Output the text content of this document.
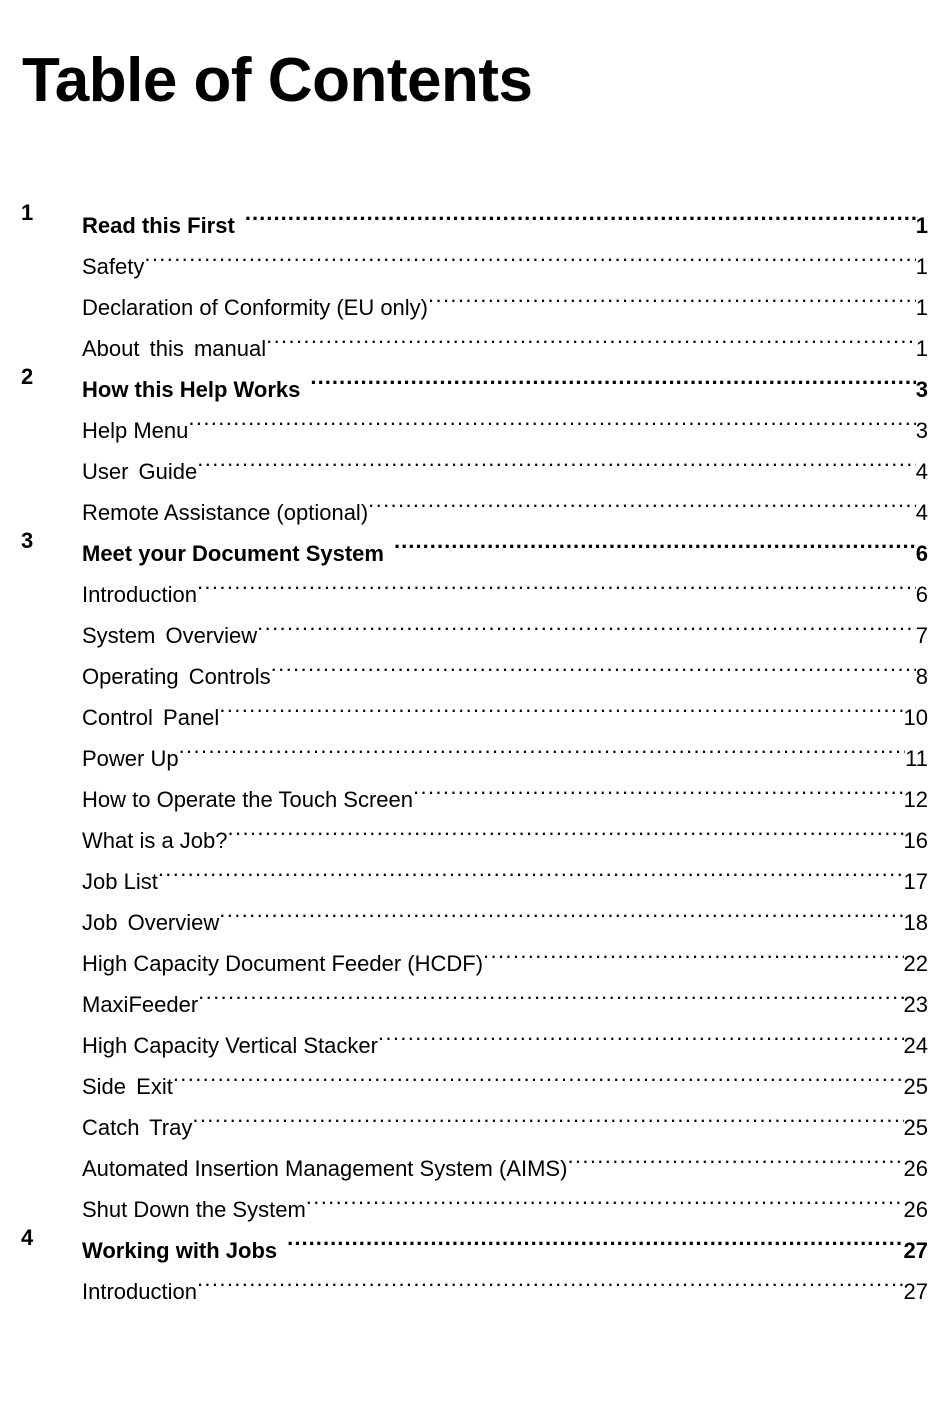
Table of Contents
1
Read this First .....	1
Safety .....	1
Declaration of Conformity (EU only) .....	1
About this manual .....	1
2
How this Help Works .....	3
Help Menu .....	3
User Guide .....	4
Remote Assistance (optional) .....	4
3
Meet your Document System .....	6
Introduction .....	6
System Overview .....	7
Operating Controls .....	8
Control Panel .....	10
Power Up .....	11
How to Operate the Touch Screen .....	12
What is a Job? .....	16
Job List .....	17
Job Overview .....	18
High Capacity Document Feeder (HCDF) .....	22
MaxiFeeder .....	23
High Capacity Vertical Stacker .....	24
Side Exit .....	25
Catch Tray .....	25
Automated Insertion Management System (AIMS) .....	26
Shut Down the System .....	26
4
Working with Jobs .....	27
Introduction .....	27
